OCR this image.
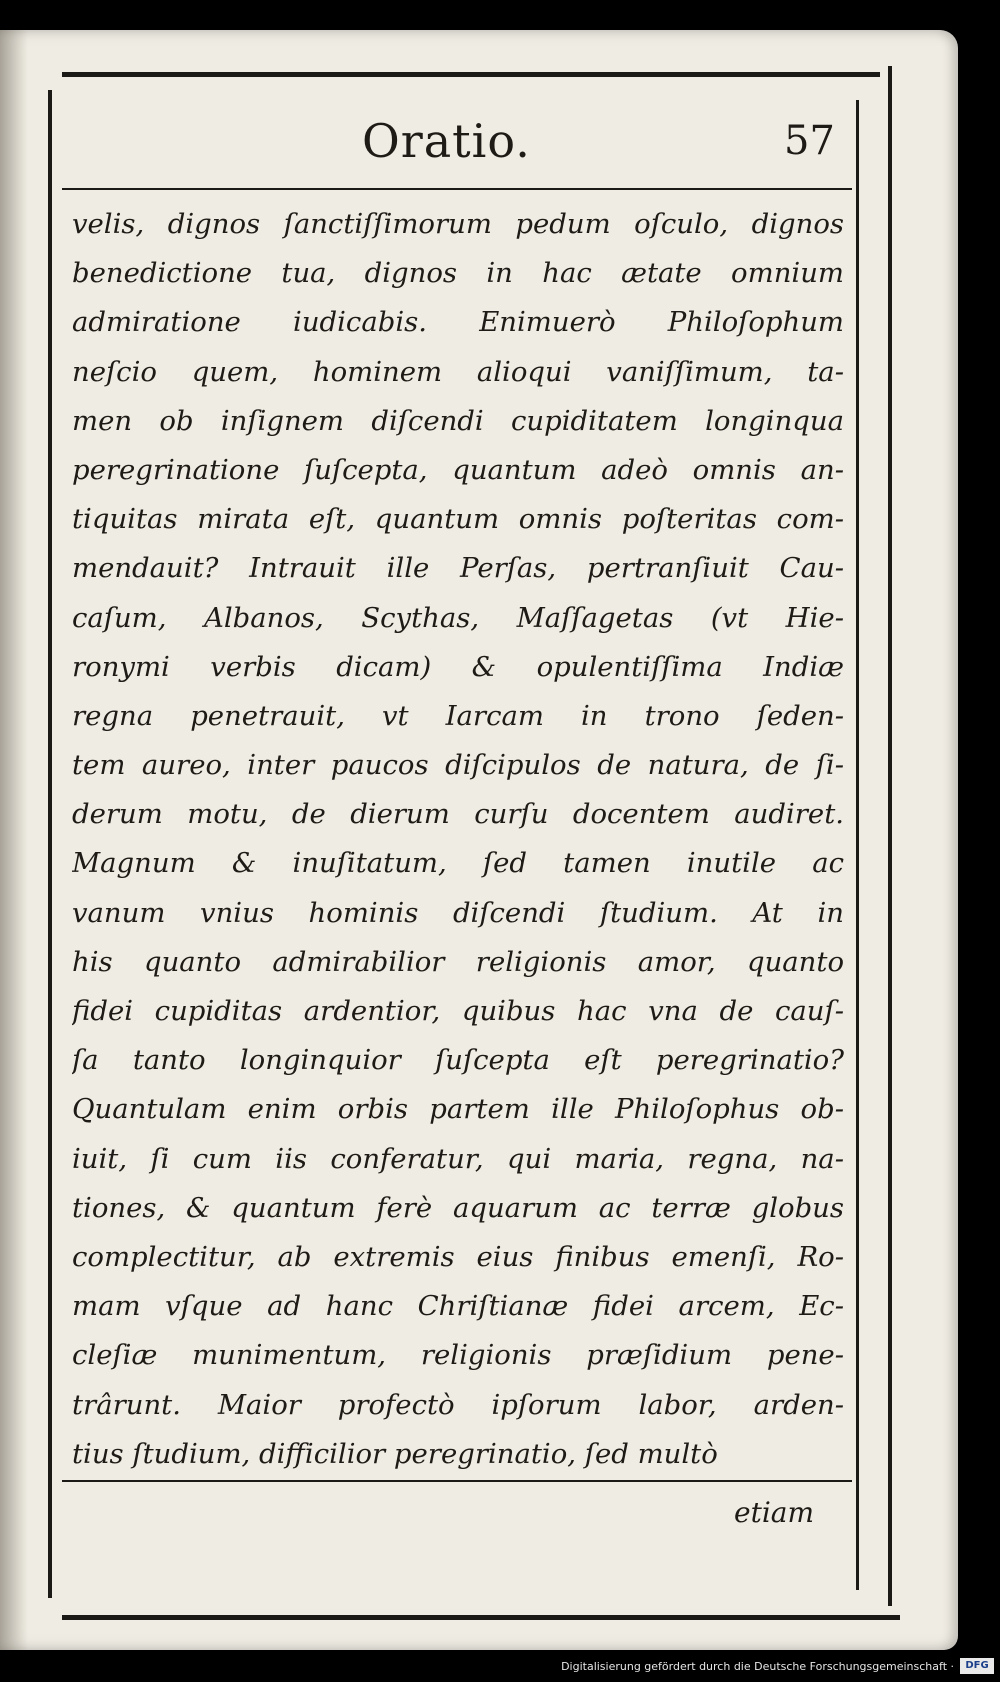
Oratio.	57
velis, dignos ſanctiſſimorum pedum oſculo, dignos
benedictione tua, dignos in hac ætate omnium
admiratione iudicabis. Enimuerò Philoſophum
neſcio quem, hominem alioqui vaniſſimum, ta-
men ob inſignem diſcendi cupiditatem longinqua
peregrinatione ſuſcepta, quantum adeò omnis an-
tiquitas mirata eſt, quantum omnis poſteritas com-
mendauit? Intrauit ille Perſas, pertranſiuit Cau-
caſum, Albanos, Scythas, Maſſagetas (vt Hie-
ronymi verbis dicam) & opulentiſſima Indiæ
regna penetrauit, vt Iarcam in trono ſeden-
tem aureo, inter paucos diſcipulos de natura, de ſi-
derum motu, de dierum curſu docentem audiret.
Magnum & inuſitatum, ſed tamen inutile ac
vanum vnius hominis diſcendi ſtudium. At in
his quanto admirabilior religionis amor, quanto
fidei cupiditas ardentior, quibus hac vna de cauſ-
ſa tanto longinquior ſuſcepta eſt peregrinatio?
Quantulam enim orbis partem ille Philoſophus ob-
iuit, ſi cum iis conferatur, qui maria, regna, na-
tiones, & quantum ferè aquarum ac terræ globus
complectitur, ab extremis eius finibus emenſi, Ro-
mam vſque ad hanc Chriſtianæ fidei arcem, Ec-
cleſiæ munimentum, religionis præſidium pene-
trârunt. Maior profectò ipſorum labor, arden-
tius ſtudium, difficilior peregrinatio, ſed multò
etiam
Digitalisierung gefördert durch die Deutsche Forschungsgemeinschaft ·	DFG
